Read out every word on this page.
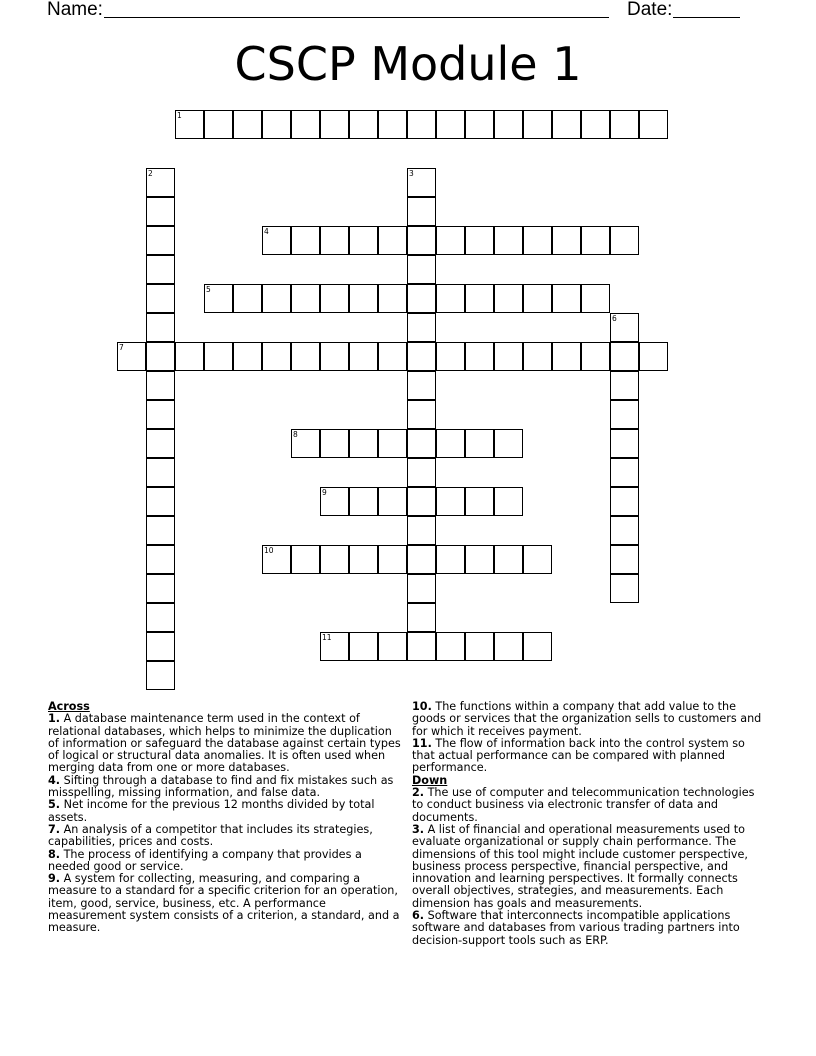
Name:	Date:
CSCP Module 1
1
2	3
4
5
6
7
8
9
10
11
Across
1. A database maintenance term used in the context of relational databases, which helps to minimize the duplication of information or safeguard the database against certain types of logical or structural data anomalies. It is often used when merging data from one or more databases.
4. Sifting through a database to find and fix mistakes such as misspelling, missing information, and false data.
5. Net income for the previous 12 months divided by total assets.
7. An analysis of a competitor that includes its strategies, capabilities, prices and costs.
8. The process of identifying a company that provides a needed good or service.
9. A system for collecting, measuring, and comparing a measure to a standard for a specific criterion for an operation, item, good, service, business, etc. A performance measurement system consists of a criterion, a standard, and a measure.
10. The functions within a company that add value to the goods or services that the organization sells to customers and for which it receives payment.
11. The flow of information back into the control system so that actual performance can be compared with planned performance.
Down
2. The use of computer and telecommunication technologies to conduct business via electronic transfer of data and documents.
3. A list of financial and operational measurements used to evaluate organizational or supply chain performance. The dimensions of this tool might include customer perspective, business process perspective, financial perspective, and innovation and learning perspectives. It formally connects overall objectives, strategies, and measurements. Each dimension has goals and measurements.
6. Software that interconnects incompatible applications software and databases from various trading partners into decision-support tools such as ERP.
